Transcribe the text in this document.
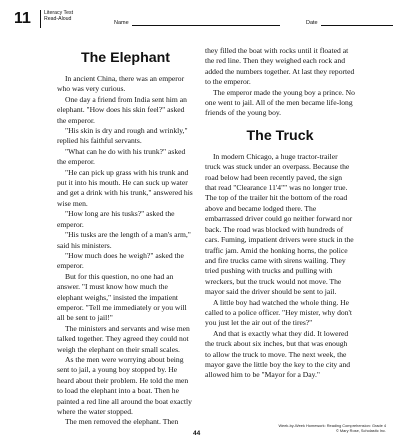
11	Literacy Test
Read-Aloud
Name	Date
The Elephant

In ancient China, there was an emperor who was very curious.

One day a friend from India sent him an elephant. "How does his skin feel?" asked the emperor.

"His skin is dry and rough and wrinkly," replied his faithful servants.

"What can he do with his trunk?" asked the emperor.

"He can pick up grass with his trunk and put it into his mouth. He can suck up water and get a drink with his trunk," answered his wise men.

"How long are his tusks?" asked the emperor.

"His tusks are the length of a man's arm," said his ministers.

"How much does he weigh?" asked the emperor.

But for this question, no one had an answer. "I must know how much the elephant weighs," insisted the impatient emperor. "Tell me immediately or you will all be sent to jail!"

The ministers and servants and wise men talked together. They agreed they could not weigh the elephant on their small scales.

As the men were worrying about being sent to jail, a young boy stopped by. He heard about their problem. He told the men to load the elephant into a boat. Then he painted a red line all around the boat exactly where the water stopped.

The men removed the elephant. Then

they filled the boat with rocks until it floated at the red line. Then they weighed each rock and added the numbers together. At last they reported to the emperor.

The emperor made the young boy a prince. No one went to jail. All of the men became life-long friends of the young boy.

The Truck

In modern Chicago, a huge tractor-trailer truck was stuck under an overpass. Because the road below had been recently paved, the sign that read "Clearance 11'4"" was no longer true. The top of the trailer hit the bottom of the road above and became lodged there. The embarrassed driver could go neither forward nor back. The road was blocked with hundreds of cars. Fuming, impatient drivers were stuck in the traffic jam. Amid the honking horns, the police and fire trucks came with sirens wailing. They tried pushing with trucks and pulling with wreckers, but the truck would not move. The mayor said the driver should be sent to jail.

A little boy had watched the whole thing. He called to a police officer. "Hey mister, why don't you just let the air out of the tires?"

And that is exactly what they did. It lowered the truck about six inches, but that was enough to allow the truck to move. The next week, the mayor gave the little boy the key to the city and allowed him to be "Mayor for a Day."

44
Week-by-Week Homework: Reading Comprehension: Grade 4
© Mary Rose, Scholastic Inc.
